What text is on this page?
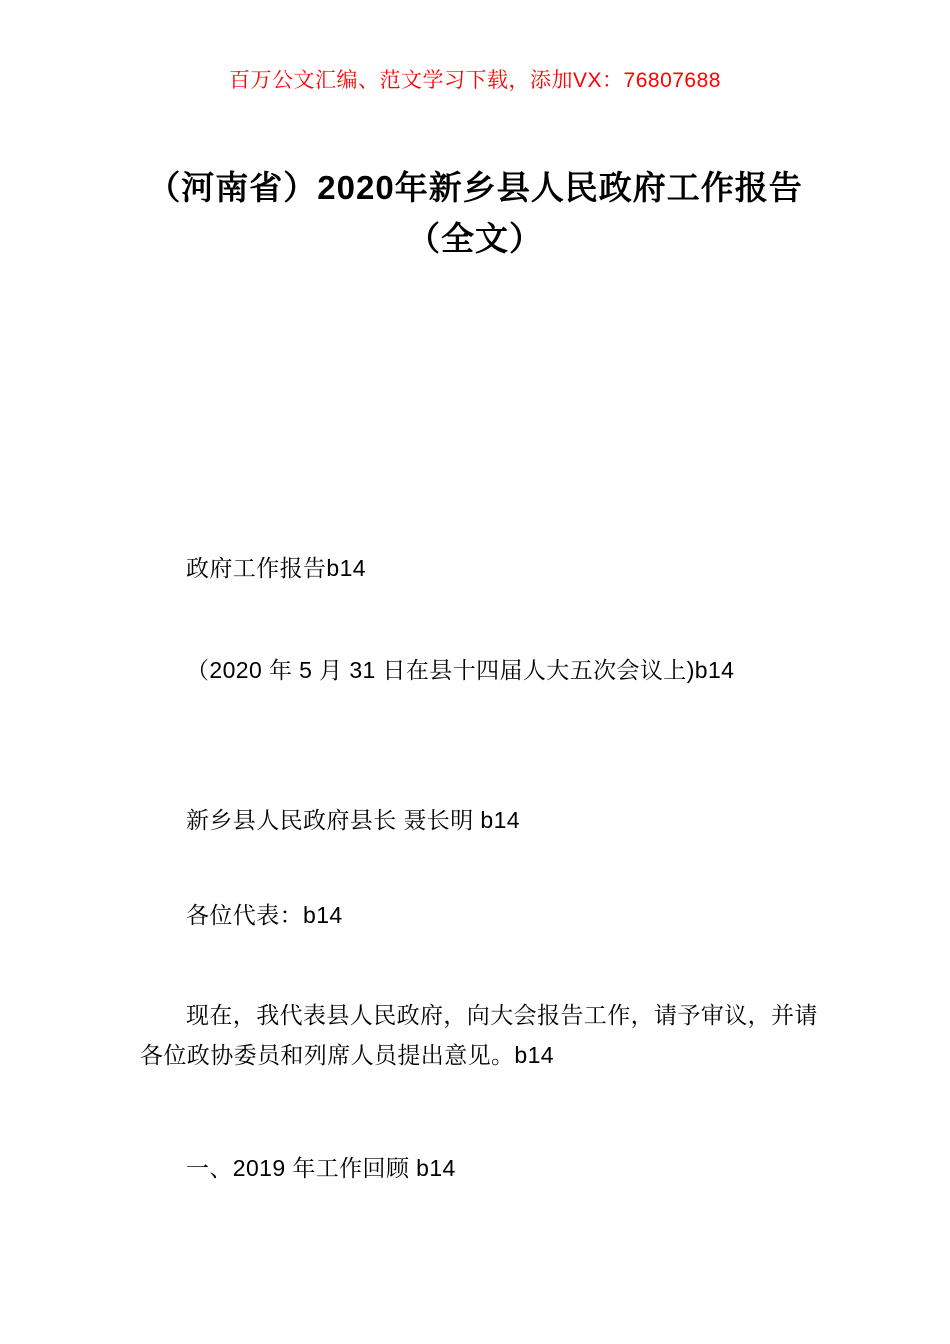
百万公文汇编、范文学习下载，添加VX：76807688
（河南省）2020年新乡县人民政府工作报告（全文）
政府工作报告b14
（2020 年 5 月 31 日在县十四届人大五次会议上)b14
新乡县人民政府县长 聂长明 b14
各位代表：b14
现在，我代表县人民政府，向大会报告工作，请予审议，并请各位政协委员和列席人员提出意见。b14
一、2019 年工作回顾 b14
